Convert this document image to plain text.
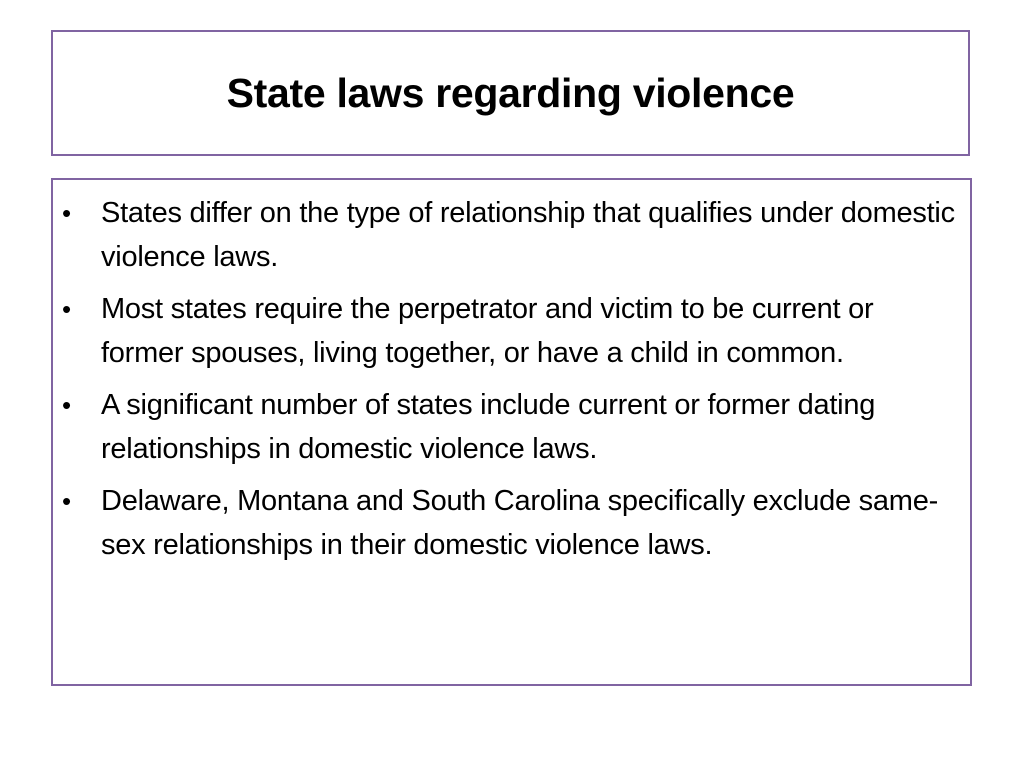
State laws regarding violence
• States differ on the type of relationship that qualifies under domestic violence laws.
• Most states require the perpetrator and victim to be current or former spouses, living together, or have a child in common.
• A significant number of states include current or former dating relationships in domestic violence laws.
• Delaware, Montana and South Carolina specifically exclude same-sex relationships in their domestic violence laws.
